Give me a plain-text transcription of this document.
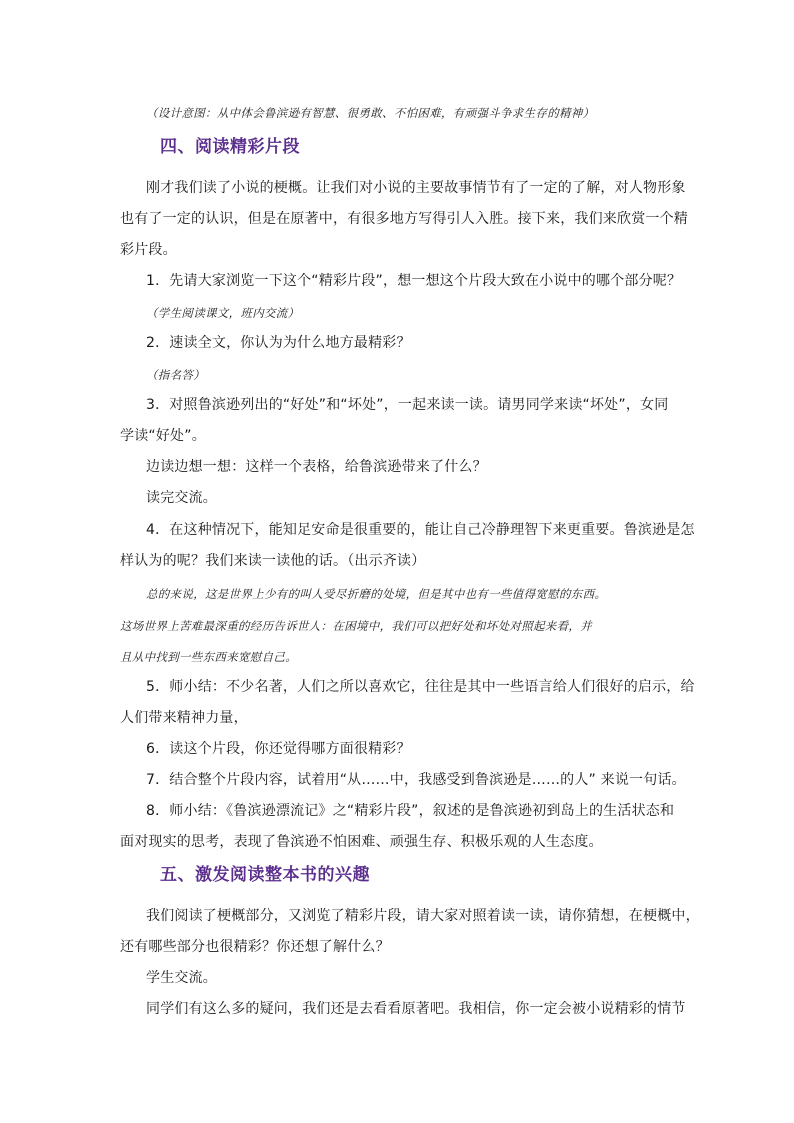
（设计意图：从中体会鲁滨逊有智慧、很勇敢、不怕困难，有顽强斗争求生存的精神）
四、阅读精彩片段
刚才我们读了小说的梗概。让我们对小说的主要故事情节有了一定的了解，对人物形象
也有了一定的认识，但是在原著中，有很多地方写得引人入胜。接下来，我们来欣赏一个精
彩片段。
1．先请大家浏览一下这个“精彩片段”，想一想这个片段大致在小说中的哪个部分呢？
（学生阅读课文，班内交流）
2．速读全文，你认为为什么地方最精彩？
（指名答）
3．对照鲁滨逊列出的“好处”和“坏处”，一起来读一读。请男同学来读“坏处”，女同
学读“好处”。
边读边想一想：这样一个表格，给鲁滨逊带来了什么？
读完交流。
4．在这种情况下，能知足安命是很重要的，能让自己冷静理智下来更重要。鲁滨逊是怎
样认为的呢？我们来读一读他的话。（出示齐读）
总的来说，这是世界上少有的叫人受尽折磨的处境，但是其中也有一些值得宽慰的东西。
这场世界上苦难最深重的经历告诉世人：在困境中，我们可以把好处和坏处对照起来看，并
且从中找到一些东西来宽慰自己。
5．师小结：不少名著，人们之所以喜欢它，往往是其中一些语言给人们很好的启示，给
人们带来精神力量，
6．读这个片段，你还觉得哪方面很精彩？
7．结合整个片段内容，试着用“从……中，我感受到鲁滨逊是……的人” 来说一句话。
8．师小结：《鲁滨逊漂流记》之“精彩片段”，叙述的是鲁滨逊初到岛上的生活状态和
面对现实的思考，表现了鲁滨逊不怕困难、顽强生存、积极乐观的人生态度。
五、激发阅读整本书的兴趣
我们阅读了梗概部分，又浏览了精彩片段，请大家对照着读一读，请你猜想，在梗概中，
还有哪些部分也很精彩？你还想了解什么？
学生交流。
同学们有这么多的疑问，我们还是去看看原著吧。我相信，你一定会被小说精彩的情节
